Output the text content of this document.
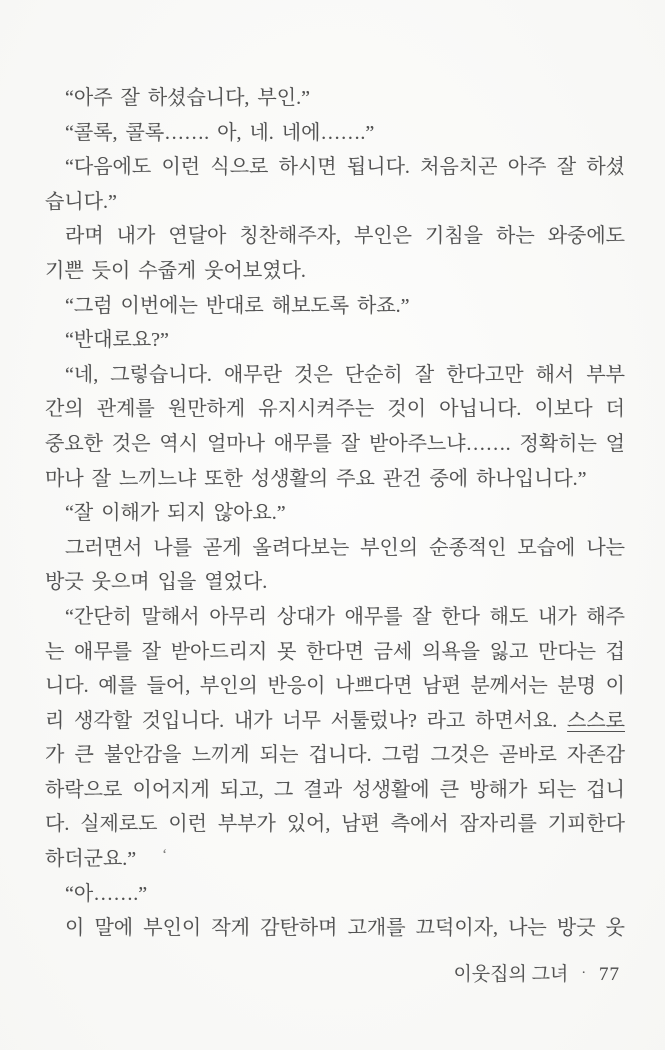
“아주 잘 하셨습니다, 부인.”
“콜록, 콜록……. 아, 네. 네에…….”
“다음에도 이런 식으로 하시면 됩니다. 처음치곤 아주 잘 하셨
습니다.”
라며 내가 연달아 칭찬해주자, 부인은 기침을 하는 와중에도
기쁜 듯이 수줍게 웃어보였다.
“그럼 이번에는 반대로 해보도록 하죠.”
“반대로요?”
“네, 그렇습니다. 애무란 것은 단순히 잘 한다고만 해서 부부
간의 관계를 원만하게 유지시켜주는 것이 아닙니다. 이보다 더
중요한 것은 역시 얼마나 애무를 잘 받아주느냐……. 정확히는 얼
마나 잘 느끼느냐 또한 성생활의 주요 관건 중에 하나입니다.”
“잘 이해가 되지 않아요.”
그러면서 나를 곧게 올려다보는 부인의 순종적인 모습에 나는
방긋 웃으며 입을 열었다.
“간단히 말해서 아무리 상대가 애무를 잘 한다 해도 내가 해주
는 애무를 잘 받아드리지 못 한다면 금세 의욕을 잃고 만다는 겁
니다. 예를 들어, 부인의 반응이 나쁘다면 남편 분께서는 분명 이
리 생각할 것입니다. 내가 너무 서툴렀나? 라고 하면서요. 스스로
가 큰 불안감을 느끼게 되는 겁니다. 그럼 그것은 곧바로 자존감
하락으로 이어지게 되고, 그 결과 성생활에 큰 방해가 되는 겁니
다. 실제로도 이런 부부가 있어, 남편 측에서 잠자리를 기피한다
하더군요.” ‘
“아…….”
이 말에 부인이 작게 감탄하며 고개를 끄덕이자, 나는 방긋 웃
이웃집의 그녀 · 77
